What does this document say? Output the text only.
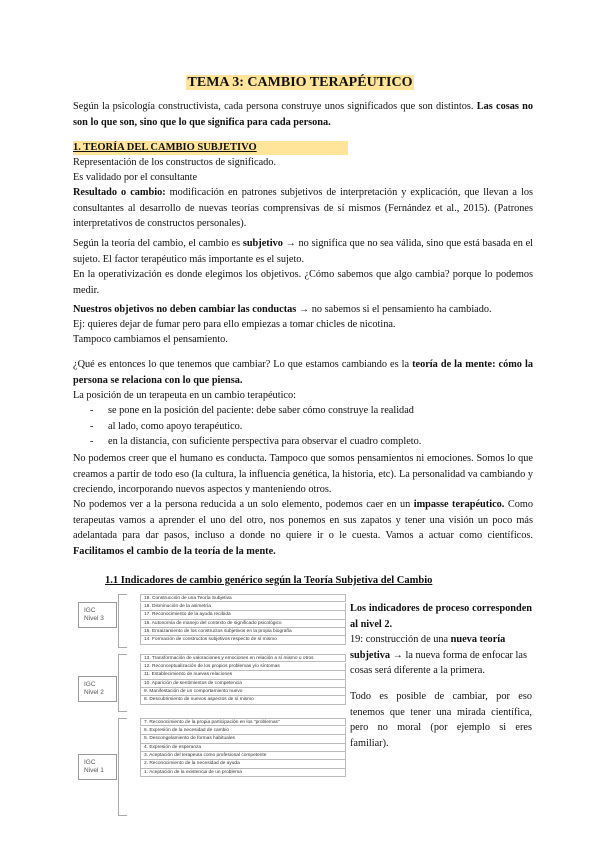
TEMA 3: CAMBIO TERAPÉUTICO
Según la psicología constructivista, cada persona construye unos significados que son distintos. Las cosas no son lo que son, sino que lo que significa para cada persona.
1. TEORÍA DEL CAMBIO SUBJETIVO
Representación de los constructos de significado.
Es validado por el consultante
Resultado o cambio: modificación en patrones subjetivos de interpretación y explicación, que llevan a los consultantes al desarrollo de nuevas teorías comprensivas de sí mismos (Fernández et al., 2015). (Patrones interpretativos de constructos personales).
Según la teoría del cambio, el cambio es subjetivo → no significa que no sea válida, sino que está basada en el sujeto. El factor terapéutico más importante es el sujeto.
En la operativización es donde elegimos los objetivos. ¿Cómo sabemos que algo cambia? porque lo podemos medir.
Nuestros objetivos no deben cambiar las conductas → no sabemos si el pensamiento ha cambiado.
Ej: quieres dejar de fumar pero para ello empiezas a tomar chicles de nicotina.
Tampoco cambiamos el pensamiento.
¿Qué es entonces lo que tenemos que cambiar? Lo que estamos cambiando es la teoría de la mente: cómo la persona se relaciona con lo que piensa.
La posición de un terapeuta en un cambio terapéutico:
- se pone en la posición del paciente: debe saber cómo construye la realidad
- al lado, como apoyo terapéutico.
- en la distancia, con suficiente perspectiva para observar el cuadro completo.
No podemos creer que el humano es conducta. Tampoco que somos pensamientos ni emociones. Somos lo que creamos a partir de todo eso (la cultura, la influencia genética, la historia, etc). La personalidad va cambiando y creciendo, incorporando nuevos aspectos y manteniendo otros.
No podemos ver a la persona reducida a un solo elemento, podemos caer en un impasse terapéutico. Como terapeutas vamos a aprender el uno del otro, nos ponemos en sus zapatos y tener una visión un poco más adelantada para dar pasos, incluso a donde no quiere ir o le cuesta. Vamos a actuar como científicos. Facilitamos el cambio de la teoría de la mente.
1.1 Indicadores de cambio genérico según la Teoría Subjetiva del Cambio
IGC Nivel 3
IGC Nivel 2
IGC Nivel 1
19. Construcción de una Teoría Subjetiva
18. Disminución de la asimetría
17. Reconocimiento de la ayuda recibida
16. Autonomía de manejo del contexto de significado psicológico
15. Enraizamiento de los constructos subjetivos en la propia biografía
14. Formación de constructos subjetivos respecto de sí mismo
13. Transformación de valoraciones y emociones en relación a sí mismo u otros
12. Reconceptualización de los propios problemas y/o síntomas
11. Establecimiento de nuevas relaciones
10. Aparición de sentimientos de competencia
9. Manifestación de un comportamiento nuevo
8. Descubrimiento de nuevos aspectos de sí mismo
7. Reconocimiento de la propia participación en los "problemas"
6. Expresión de la necesidad de cambio
5. Descongelamiento de formas habituales
4. Expresión de esperanza
3. Aceptación del terapeuta como profesional competente
2. Reconocimiento de la necesidad de ayuda
1. Aceptación de la existencia de un problema
Los indicadores de proceso corresponden al nivel 2.
19: construcción de una nueva teoría subjetiva → la nueva forma de enfocar las cosas será diferente a la primera.
Todo es posible de cambiar, por eso tenemos que tener una mirada científica, pero no moral (por ejemplo si eres familiar).
